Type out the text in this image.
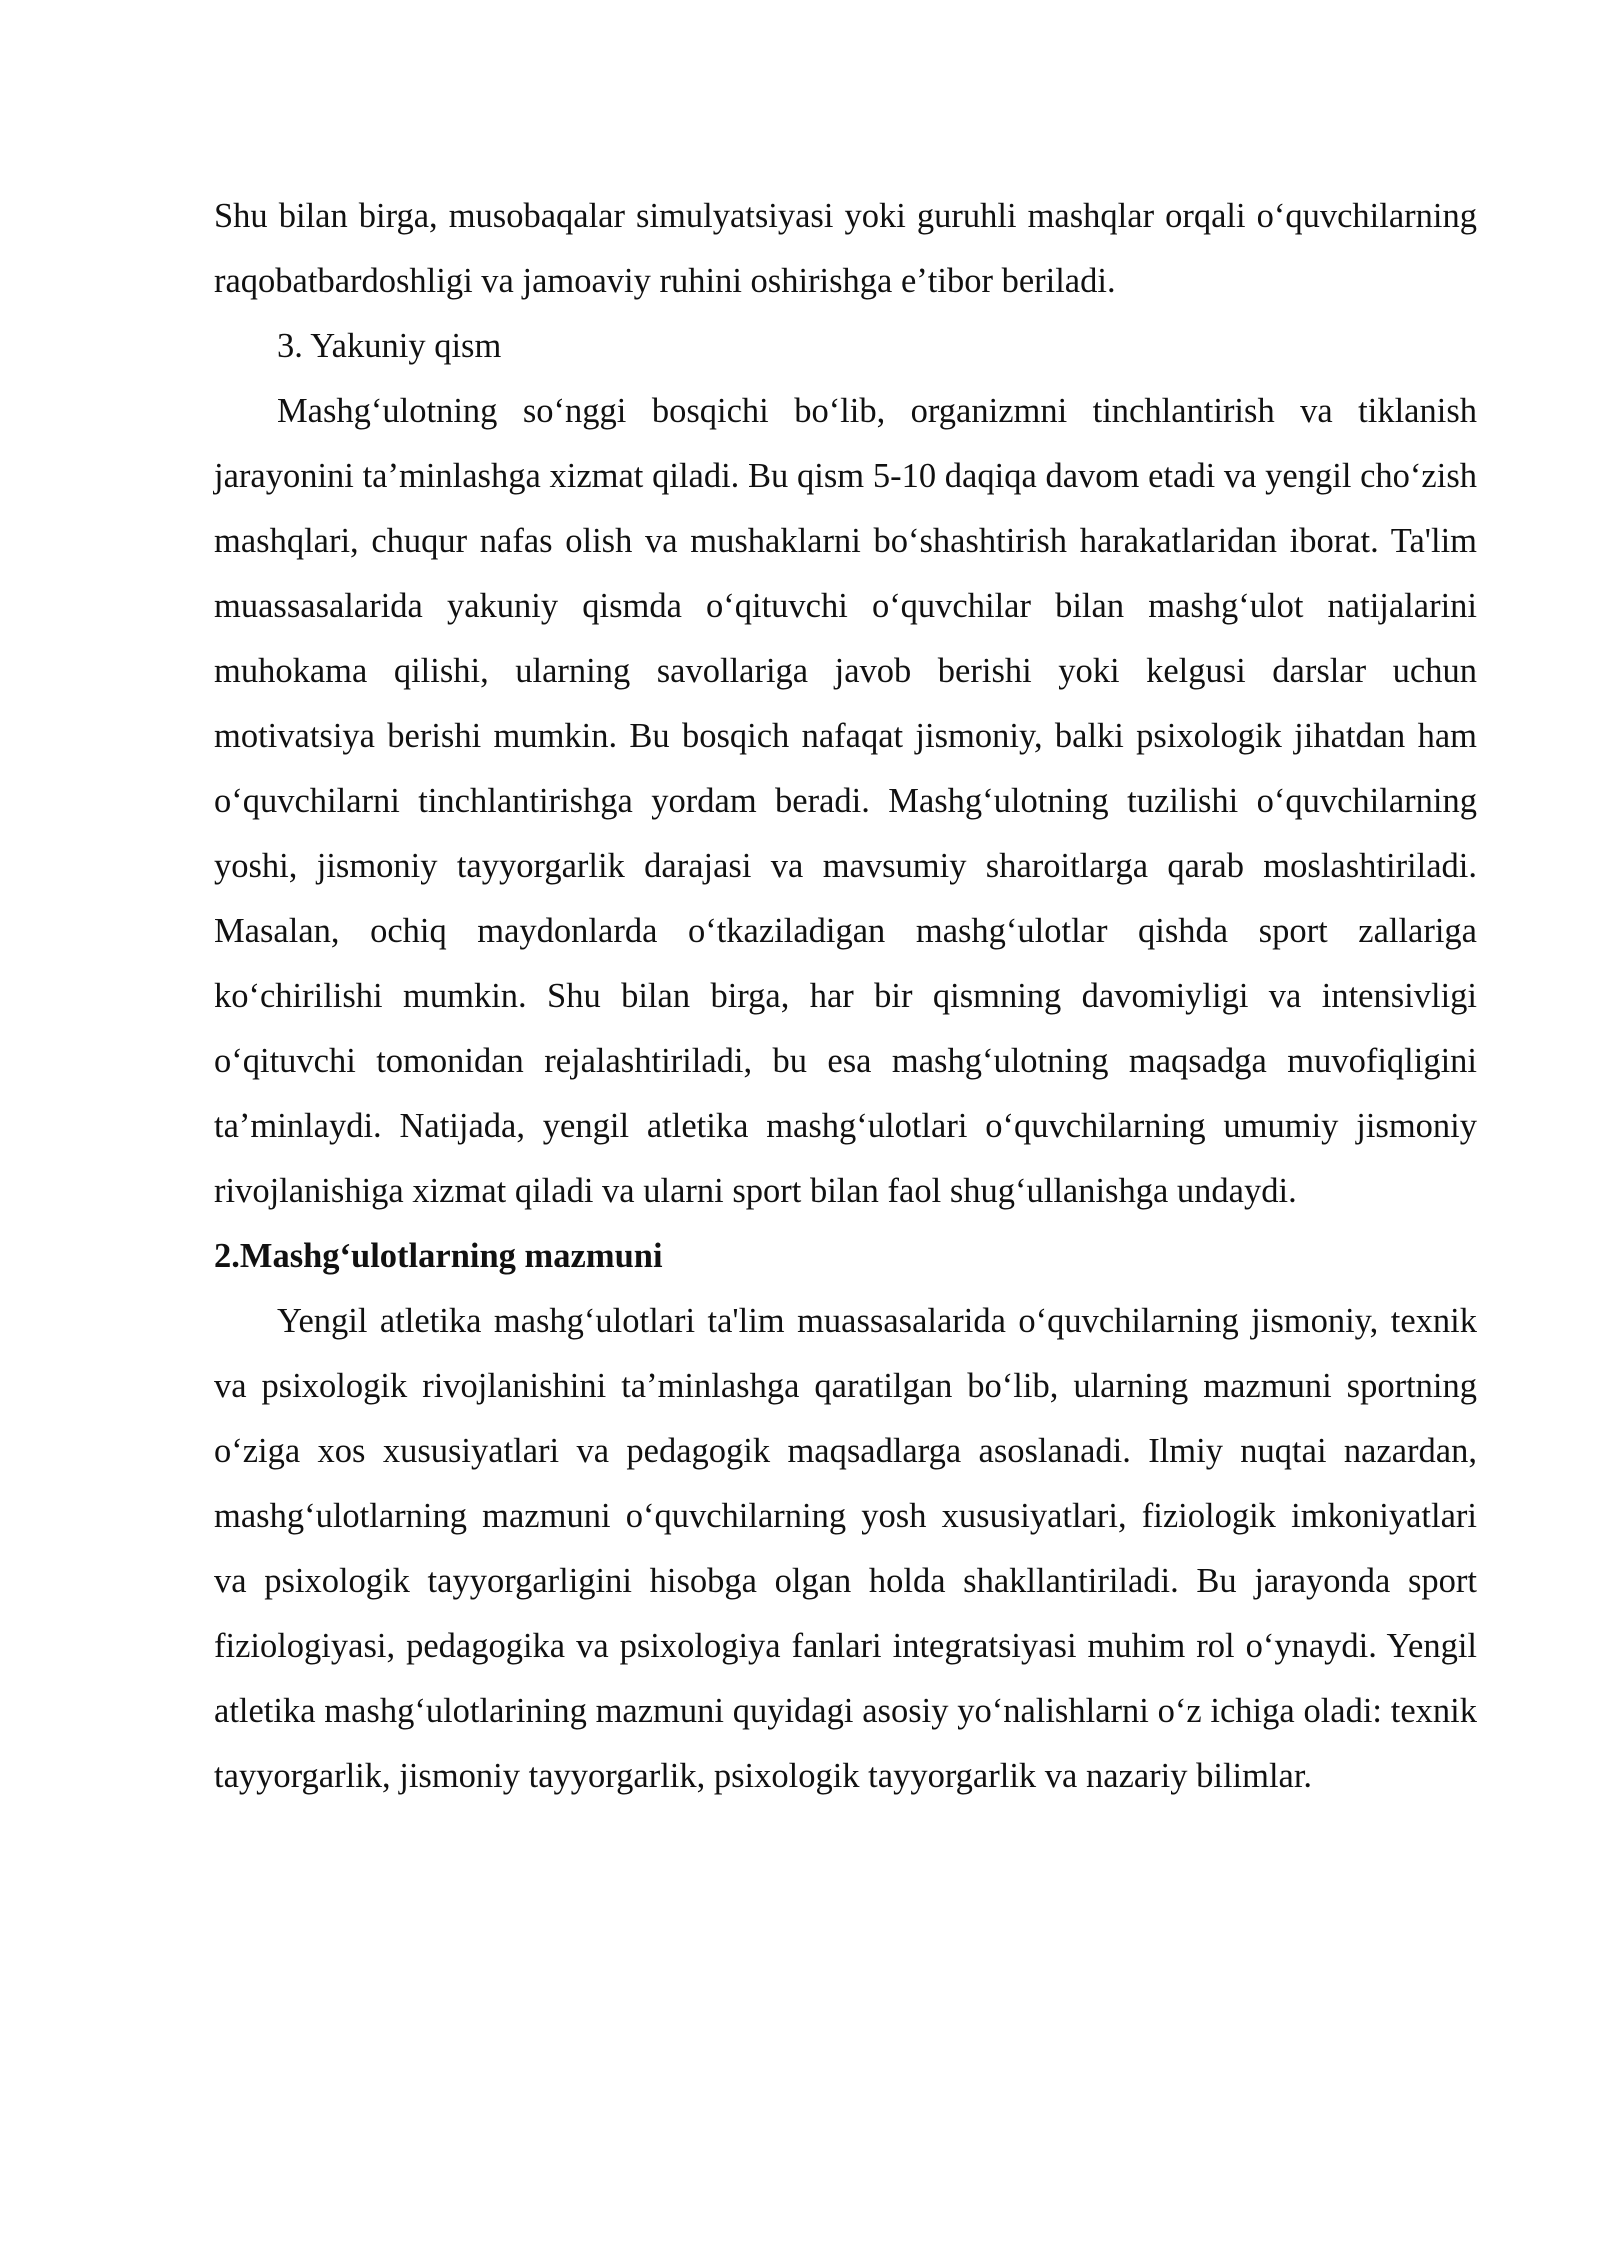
Shu bilan birga, musobaqalar simulyatsiyasi yoki guruhli mashqlar orqali oʻquvchilarning raqobatbardoshligi va jamoaviy ruhini oshirishga eʼtibor beriladi.

3. Yakuniy qism

Mashgʻulotning soʻnggi bosqichi boʻlib, organizmni tinchlantirish va tiklanish jarayonini taʼminlashga xizmat qiladi. Bu qism 5-10 daqiqa davom etadi va yengil choʻzish mashqlari, chuqur nafas olish va mushaklarni boʻshashtirish harakatlaridan iborat. Ta'lim muassasalarida yakuniy qismda oʻqituvchi oʻquvchilar bilan mashgʻulot natijalarini muhokama qilishi, ularning savollariga javob berishi yoki kelgusi darslar uchun motivatsiya berishi mumkin. Bu bosqich nafaqat jismoniy, balki psixologik jihatdan ham oʻquvchilarni tinchlantirishga yordam beradi. Mashgʻulotning tuzilishi oʻquvchilarning yoshi, jismoniy tayyorgarlik darajasi va mavsumiy sharoitlarga qarab moslashtiriladi. Masalan, ochiq maydonlarda oʻtkaziladigan mashgʻulotlar qishda sport zallariga koʻchirilishi mumkin. Shu bilan birga, har bir qismning davomiyligi va intensivligi oʻqituvchi tomonidan rejalashtiriladi, bu esa mashgʻulotning maqsadga muvofiqligini taʼminlaydi. Natijada, yengil atletika mashgʻulotlari oʻquvchilarning umumiy jismoniy rivojlanishiga xizmat qiladi va ularni sport bilan faol shugʻullanishga undaydi.

2.Mashgʻulotlarning mazmuni

Yengil atletika mashgʻulotlari ta'lim muassasalarida oʻquvchilarning jismoniy, texnik va psixologik rivojlanishini taʼminlashga qaratilgan boʻlib, ularning mazmuni sportning oʻziga xos xususiyatlari va pedagogik maqsadlarga asoslanadi. Ilmiy nuqtai nazardan, mashgʻulotlarning mazmuni oʻquvchilarning yosh xususiyatlari, fiziologik imkoniyatlari va psixologik tayyorgarligini hisobga olgan holda shakllantiriladi. Bu jarayonda sport fiziologiyasi, pedagogika va psixologiya fanlari integratsiyasi muhim rol oʻynaydi. Yengil atletika mashgʻulotlarining mazmuni quyidagi asosiy yoʻnalishlarni oʻz ichiga oladi: texnik tayyorgarlik, jismoniy tayyorgarlik, psixologik tayyorgarlik va nazariy bilimlar.
